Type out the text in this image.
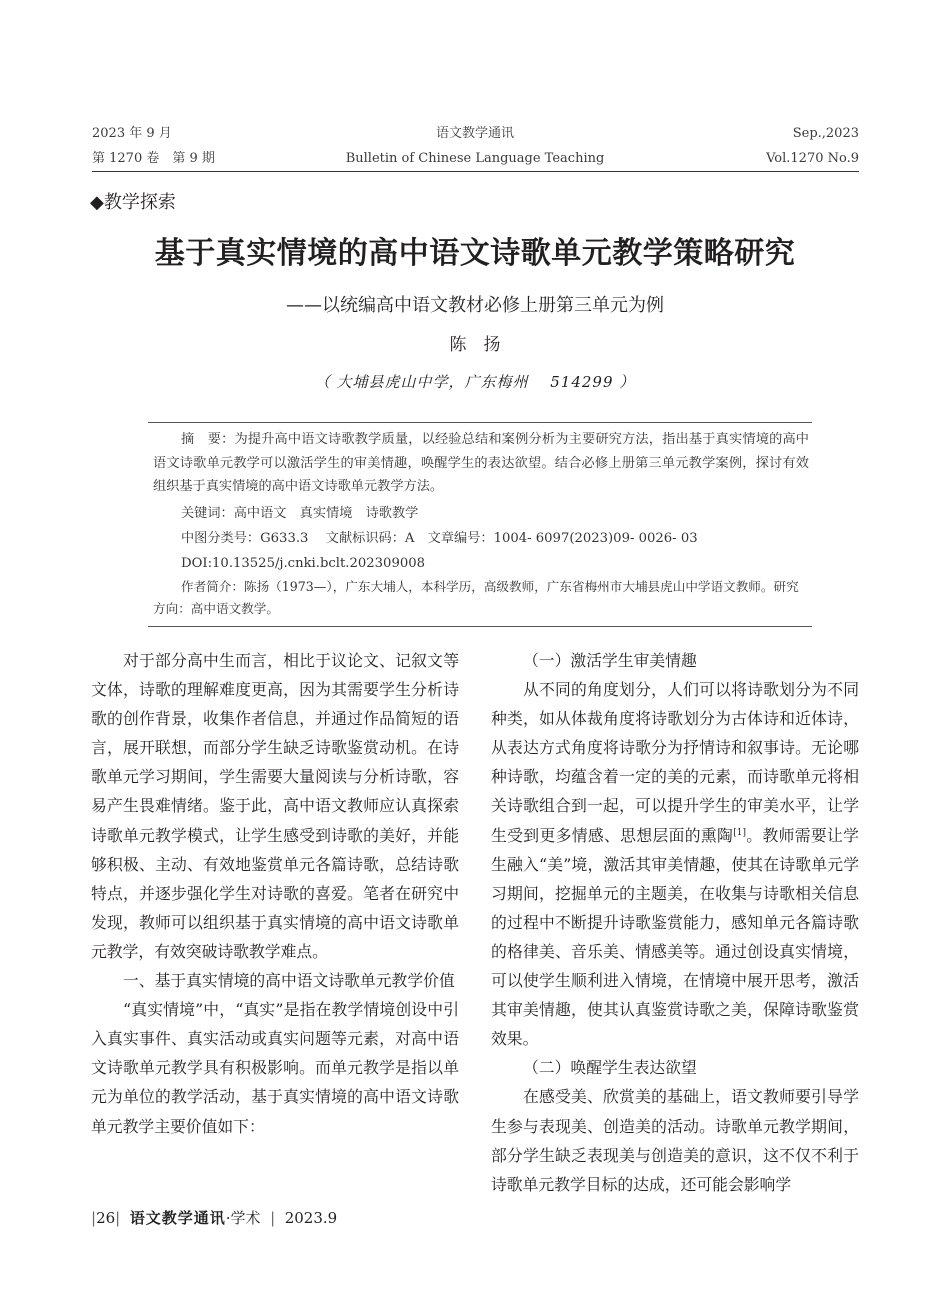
2023 年 9 月	语文教学通讯	Sep.,2023
第 1270 卷　第 9 期	Bulletin of Chinese Language Teaching	Vol.1270 No.9
◆教学探索
基于真实情境的高中语文诗歌单元教学策略研究
——以统编高中语文教材必修上册第三单元为例
陈　扬
（ 大埔县虎山中学，广东梅州　 514299 ）
摘　要：为提升高中语文诗歌教学质量，以经验总结和案例分析为主要研究方法，指出基于真实情境的高中语文诗歌单元教学可以激活学生的审美情趣，唤醒学生的表达欲望。结合必修上册第三单元教学案例，探讨有效组织基于真实情境的高中语文诗歌单元教学方法。
关键词：高中语文　真实情境　诗歌教学
中图分类号：G633.3　 文献标识码：A　文章编号：1004- 6097(2023)09- 0026- 03
DOI:10.13525/j.cnki.bclt.202309008
作者简介：陈扬（1973—），广东大埔人，本科学历，高级教师，广东省梅州市大埔县虎山中学语文教师。研究方向：高中语文教学。

对于部分高中生而言，相比于议论文、记叙文等文体，诗歌的理解难度更高，因为其需要学生分析诗歌的创作背景，收集作者信息，并通过作品简短的语言，展开联想，而部分学生缺乏诗歌鉴赏动机。在诗歌单元学习期间，学生需要大量阅读与分析诗歌，容易产生畏难情绪。鉴于此，高中语文教师应认真探索诗歌单元教学模式，让学生感受到诗歌的美好，并能够积极、主动、有效地鉴赏单元各篇诗歌，总结诗歌特点，并逐步强化学生对诗歌的喜爱。笔者在研究中发现，教师可以组织基于真实情境的高中语文诗歌单元教学，有效突破诗歌教学难点。

一、基于真实情境的高中语文诗歌单元教学价值

“真实情境”中，“真实”是指在教学情境创设中引入真实事件、真实活动或真实问题等元素，对高中语文诗歌单元教学具有积极影响。而单元教学是指以单元为单位的教学活动，基于真实情境的高中语文诗歌单元教学主要价值如下：

（一）激活学生审美情趣

从不同的角度划分，人们可以将诗歌划分为不同种类，如从体裁角度将诗歌划分为古体诗和近体诗，从表达方式角度将诗歌分为抒情诗和叙事诗。无论哪种诗歌，均蕴含着一定的美的元素，而诗歌单元将相关诗歌组合到一起，可以提升学生的审美水平，让学生受到更多情感、思想层面的熏陶[1]。教师需要让学生融入“美”境，激活其审美情趣，使其在诗歌单元学习期间，挖掘单元的主题美，在收集与诗歌相关信息的过程中不断提升诗歌鉴赏能力，感知单元各篇诗歌的格律美、音乐美、情感美等。通过创设真实情境，可以使学生顺利进入情境，在情境中展开思考，激活其审美情趣，使其认真鉴赏诗歌之美，保障诗歌鉴赏效果。

（二）唤醒学生表达欲望

在感受美、欣赏美的基础上，语文教师要引导学生参与表现美、创造美的活动。诗歌单元教学期间，部分学生缺乏表现美与创造美的意识，这不仅不利于诗歌单元教学目标的达成，还可能会影响学

|26| 语文教学通讯·学术 | 2023.9
